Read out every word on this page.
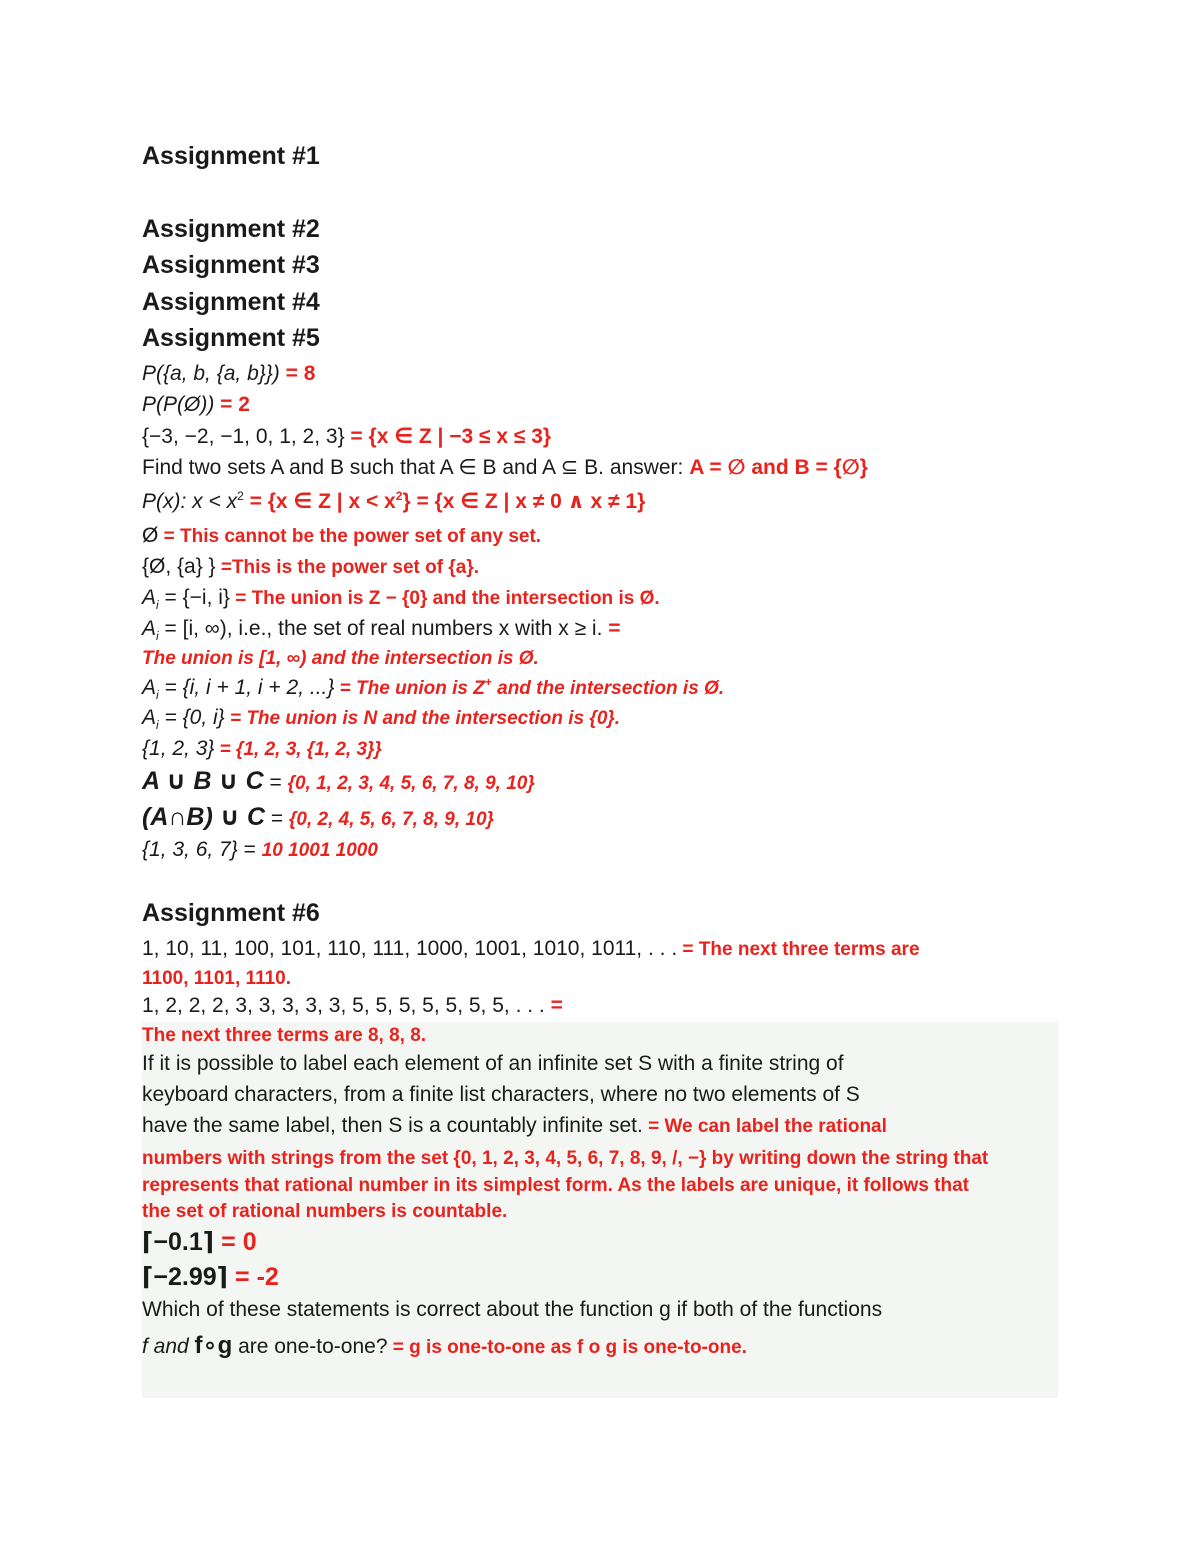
Assignment #1
Assignment #2
Assignment #3
Assignment #4
Assignment #5
P({a, b, {a, b}}) = 8
P(P(Ø)) = 2
{−3, −2, −1, 0, 1, 2, 3} = {x ∈ Z | −3 ≤ x ≤ 3}
Find two sets A and B such that A ∈ B and A ⊆ B. answer: A = ∅ and B = {∅}
P(x): $x < x^2 = \{x$ ∈ Z | $x < x^2\} = \{x$ ∈ Z | x ≠ 0 ∧ x ≠ 1}
Ø = This cannot be the power set of any set.
{Ø, {a} } =This is the power set of {a}.
$A_i = \{-i$, i} = The union is Z − {0} and the intersection is Ø.
$A_i = [i$, ∞), i.e., the set of real numbers x with x ≥ i. =
The union is [1, ∞) and the intersection is Ø.
$A_i = \{i$, i + 1, i + 2, ...} = The union is Z+ and the intersection is Ø.
$A_i = \{0$, i} = The union is N and the intersection is {0}.
{1, 2, 3} = {1, 2, 3, {1, 2, 3}}
A ∪ B ∪ C = {0, 1, 2, 3, 4, 5, 6, 7, 8, 9, 10}
(A∩B) ∪ C = {0, 2, 4, 5, 6, 7, 8, 9, 10}
{1, 3, 6, 7} = 10 1001 1000
Assignment #6
1, 10, 11, 100, 101, 110, 111, 1000, 1001, 1010, 1011, . . . = The next three terms are
1100, 1101, 1110.
1, 2, 2, 2, 3, 3, 3, 3, 3, 5, 5, 5, 5, 5, 5, 5, . . . =
The next three terms are 8, 8, 8.
If it is possible to label each element of an infinite set S with a finite string of
keyboard characters, from a finite list characters, where no two elements of S
have the same label, then S is a countably infinite set. = We can label the rational
numbers with strings from the set {0, 1, 2, 3, 4, 5, 6, 7, 8, 9, /, −} by writing down the string that
represents that rational number in its simplest form. As the labels are unique, it follows that
the set of rational numbers is countable.
⌈−0.1⌉ = 0
⌈−2.99⌉ = -2
Which of these statements is correct about the function g if both of the functions
f and f∘g are one-to-one? = g is one-to-one as f o g is one-to-one.
